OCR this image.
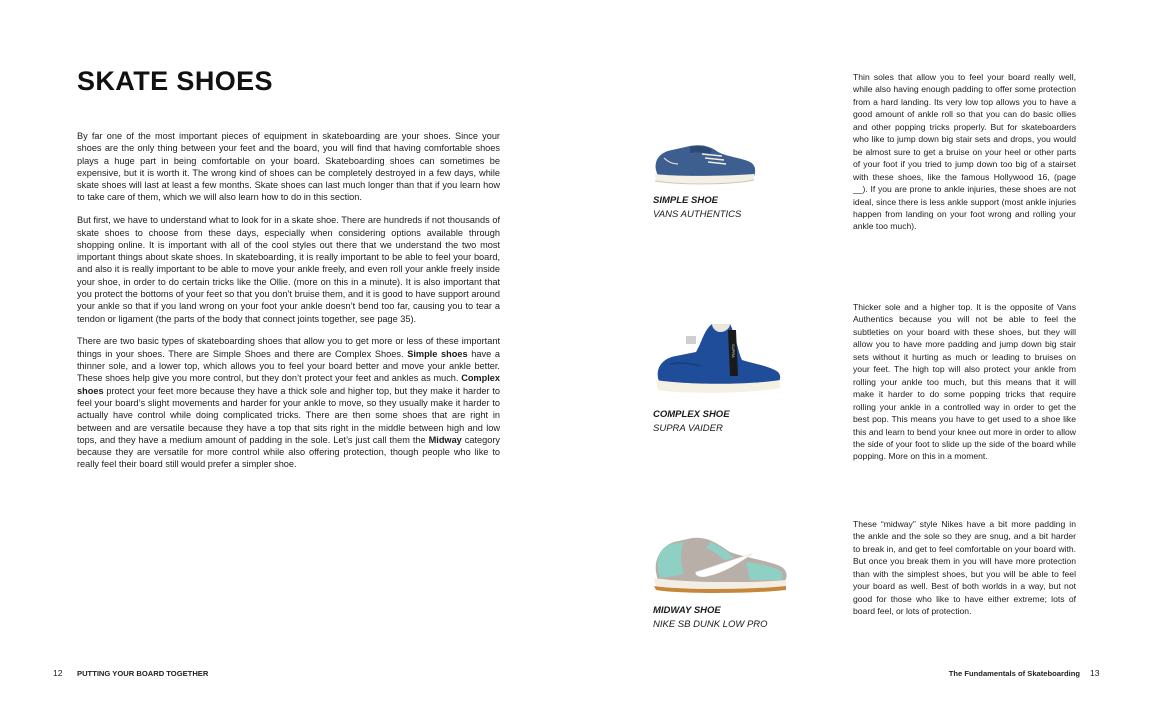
SKATE SHOES

By far one of the most important pieces of equipment in skateboarding are your shoes. Since your shoes are the only thing between your feet and the board, you will find that having comfortable shoes plays a huge part in being comfortable on your board. Skateboarding shoes can sometimes be expensive, but it is worth it. The wrong kind of shoes can be completely destroyed in a few days, while skate shoes will last at least a few months. Skate shoes can last much longer than that if you learn how to take care of them, which we will also learn how to do in this section.

But first, we have to understand what to look for in a skate shoe. There are hundreds if not thousands of skate shoes to choose from these days, especially when considering options available through shopping online. It is important with all of the cool styles out there that we understand the two most important things about skate shoes. In skateboarding, it is really important to be able to feel your board, and also it is really important to be able to move your ankle freely, and even roll your ankle freely inside your shoe, in order to do certain tricks like the Ollie. (more on this in a minute). It is also important that you protect the bottoms of your feet so that you don’t bruise them, and it is good to have support around your ankle so that if you land wrong on your foot your ankle doesn’t bend too far, causing you to tear a tendon or ligament (the parts of the body that connect joints together, see page 35).

There are two basic types of skateboarding shoes that allow you to get more or less of these important things in your shoes. There are Simple Shoes and there are Complex Shoes. Simple shoes have a thinner sole, and a lower top, which allows you to feel your board better and move your ankle better. These shoes help give you more control, but they don’t protect your feet and ankles as much. Complex shoes protect your feet more because they have a thick sole and higher top, but they make it harder to feel your board’s slight movements and harder for your ankle to move, so they usually make it harder to actually have control while doing complicated tricks. There are then some shoes that are right in between and are versatile because they have a top that sits right in the middle between high and low tops, and they have a medium amount of padding in the sole. Let’s just call them the Midway category because they are versatile for more control while also offering protection, though people who like to really feel their board still would prefer a simpler shoe.

SIMPLE SHOE
VANS AUTHENTICS

Thin soles that allow you to feel your board really well, while also having enough padding to offer some protection from a hard landing. Its very low top allows you to have a good amount of ankle roll so that you can do basic ollies and other popping tricks properly. But for skateboarders who like to jump down big stair sets and drops, you would be almost sure to get a bruise on your heel or other parts of your foot if you tried to jump down too big of a stairset with these shoes, like the famous Hollywood 16, (page __). If you are prone to ankle injuries, these shoes are not ideal, since there is less ankle support (most ankle injuries happen from landing on your foot wrong and rolling your ankle too much).

SUPRA
COMPLEX SHOE
SUPRA VAIDER

Thicker sole and a higher top. It is the opposite of Vans Authentics because you will not be able to feel the subtleties on your board with these shoes, but they will allow you to have more padding and jump down big stair sets without it hurting as much or leading to bruises on your feet. The high top will also protect your ankle from rolling your ankle too much, but this means that it will make it harder to do some popping tricks that require rolling your ankle in a controlled way in order to get the best pop. This means you have to get used to a shoe like this and learn to bend your knee out more in order to allow the side of your foot to slide up the side of the board while popping. More on this in a moment.

MIDWAY SHOE
NIKE SB DUNK LOW PRO

These “midway” style Nikes have a bit more padding in the ankle and the sole so they are snug, and a bit harder to break in, and get to feel comfortable on your board with. But once you break them in you will have more protection than with the simplest shoes, but you will be able to feel your board as well. Best of both worlds in a way, but not good for those who like to have either extreme; lots of board feel, or lots of protection.

12 PUTTING YOUR BOARD TOGETHER	The Fundamentals of Skateboarding 13
